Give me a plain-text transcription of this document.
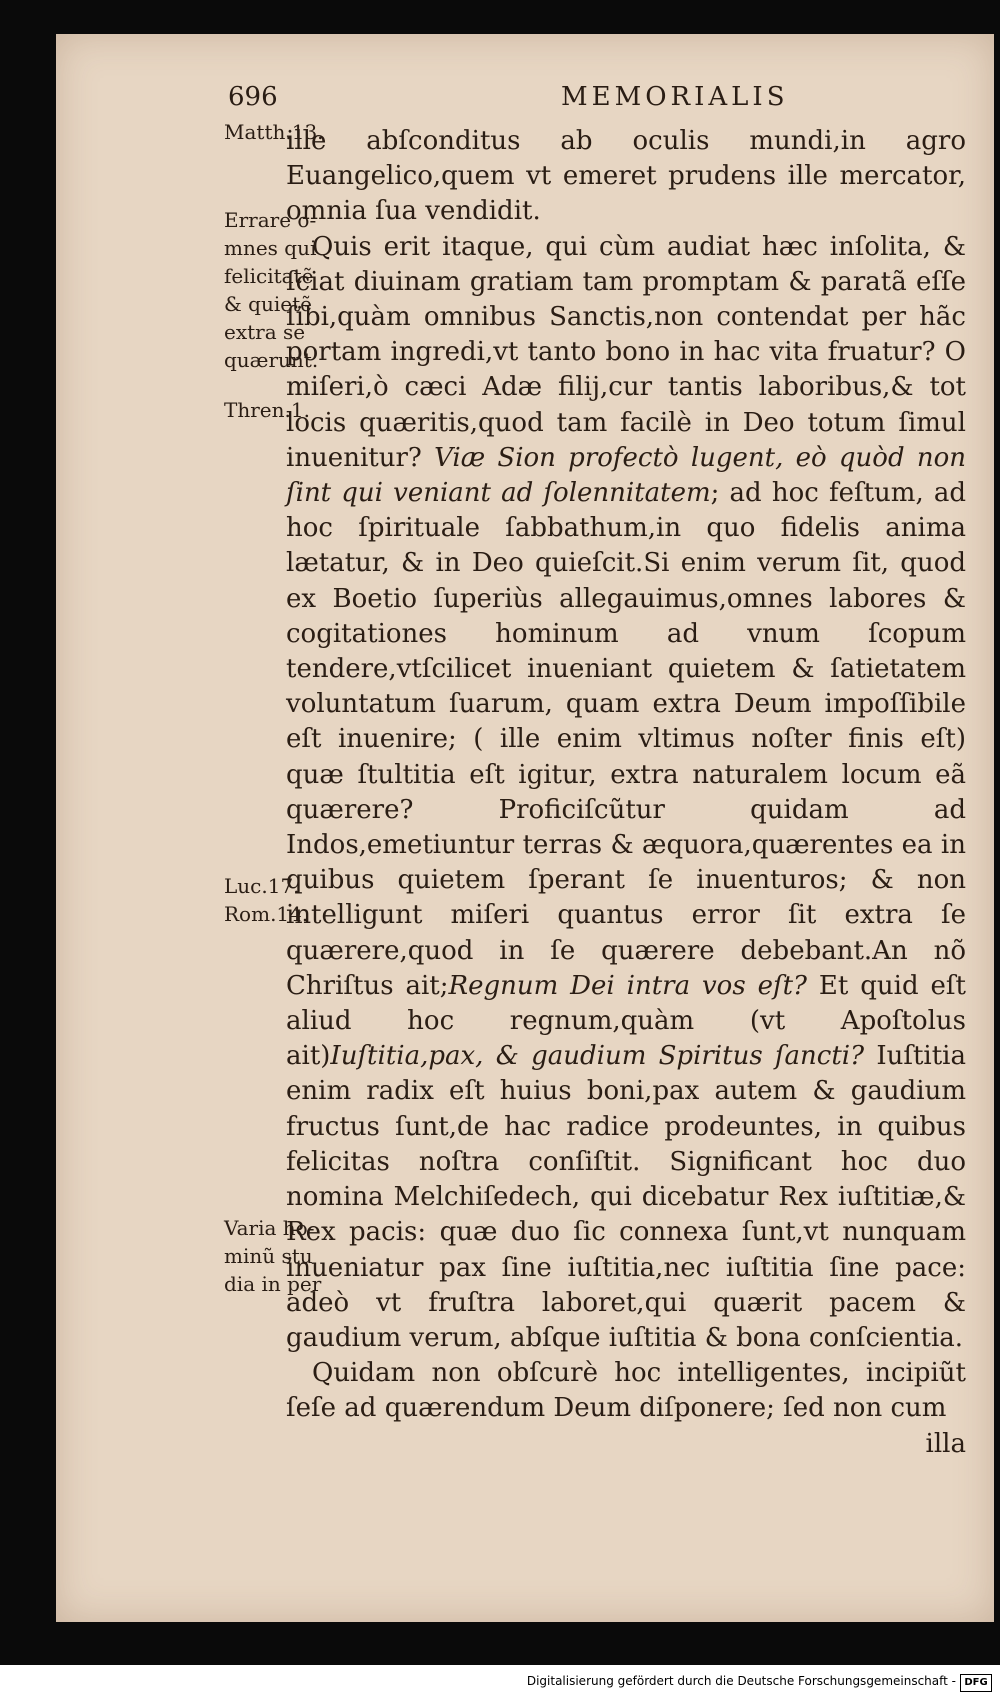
696	MEMORIALIS
Matth.13.
Errare o- mnes qui felicitatẽ & quietẽ extra se quærunt.
Thren.1.
Luc.17. Rom.14.
Varia ho- minũ stu dia in per

ille abſconditus ab oculis mundi,in agro Euangelico,quem vt emeret prudens ille mercator, omnia ſua vendidit.

Quis erit itaque, qui cùm audiat hæc inſolita, & ſciat diuinam gratiam tam promptam & paratã eſſe ſibi,quàm omnibus Sanctis,non contendat per hãc portam ingredi,vt tanto bono in hac vita fruatur? O miſeri,ò cæci Adæ filij,cur tantis laboribus,& tot locis quæritis,quod tam facilè in Deo totum ſimul inuenitur? Viæ Sion profectò lugent, eò quòd non ſint qui veniant ad ſolennitatem; ad hoc feſtum, ad hoc ſpirituale ſabbathum,in quo fidelis anima lætatur, & in Deo quieſcit.Si enim verum ſit, quod ex Boetio ſuperiùs allegauimus,omnes labores & cogitationes hominum ad vnum ſcopum tendere,vtſcilicet inueniant quietem & ſatietatem voluntatum ſuarum, quam extra Deum impoſſibile eſt inuenire; ( ille enim vltimus noſter finis eſt) quæ ſtultitia eſt igitur, extra naturalem locum eã quærere? Proficiſcũtur quidam ad Indos,emetiuntur terras & æquora,quærentes ea in quibus quietem ſperant ſe inuenturos; & non intelligunt miſeri quantus error ſit extra ſe quærere,quod in ſe quærere debebant.An nõ Chriſtus ait;Regnum Dei intra vos eſt? Et quid eſt aliud hoc regnum,quàm (vt Apoſtolus ait)Iuſtitia,pax, & gaudium Spiritus ſancti? Iuſtitia enim radix eſt huius boni,pax autem & gaudium fructus ſunt,de hac radice prodeuntes, in quibus felicitas noſtra conſiſtit. Significant hoc duo nomina Melchiſedech, qui dicebatur Rex iuſtitiæ,& Rex pacis: quæ duo ſic connexa ſunt,vt nunquam inueniatur pax ſine iuſtitia,nec iuſtitia ſine pace: adeò vt fruſtra laboret,qui quærit pacem & gaudium verum, abſque iuſtitia & bona conſcientia.

Quidam non obſcurè hoc intelligentes, incipiũt ſeſe ad quærendum Deum diſponere; ſed non cum

illa

Digitalisierung gefördert durch die Deutsche Forschungsgemeinschaft - DFG
